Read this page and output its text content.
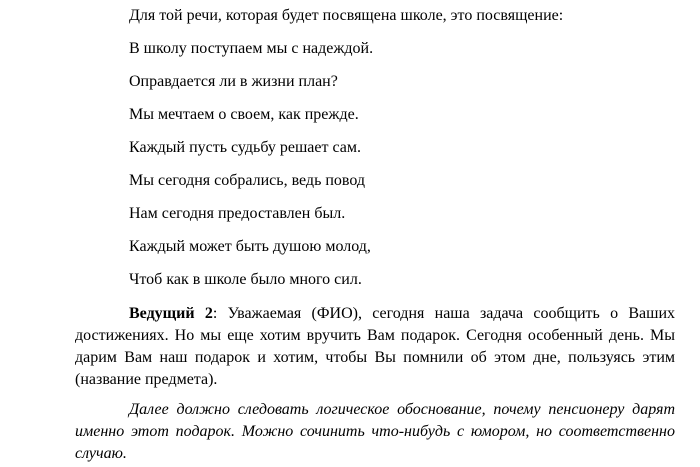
Для той речи, которая будет посвящена школе, это посвящение:

В школу поступаем мы с надеждой.

Оправдается ли в жизни план?

Мы мечтаем о своем, как прежде.

Каждый пусть судьбу решает сам.

Мы сегодня собрались, ведь повод

Нам сегодня предоставлен был.

Каждый может быть душою молод,

Чтоб как в школе было много сил.

Ведущий 2: Уважаемая (ФИО), сегодня наша задача сообщить о Ваших достижениях. Но мы еще хотим вручить Вам подарок. Сегодня особенный день. Мы дарим Вам наш подарок и хотим, чтобы Вы помнили об этом дне, пользуясь этим (название предмета).

Далее должно следовать логическое обоснование, почему пенсионеру дарят именно этот подарок. Можно сочинить что-нибудь с юмором, но соответственно случаю.
